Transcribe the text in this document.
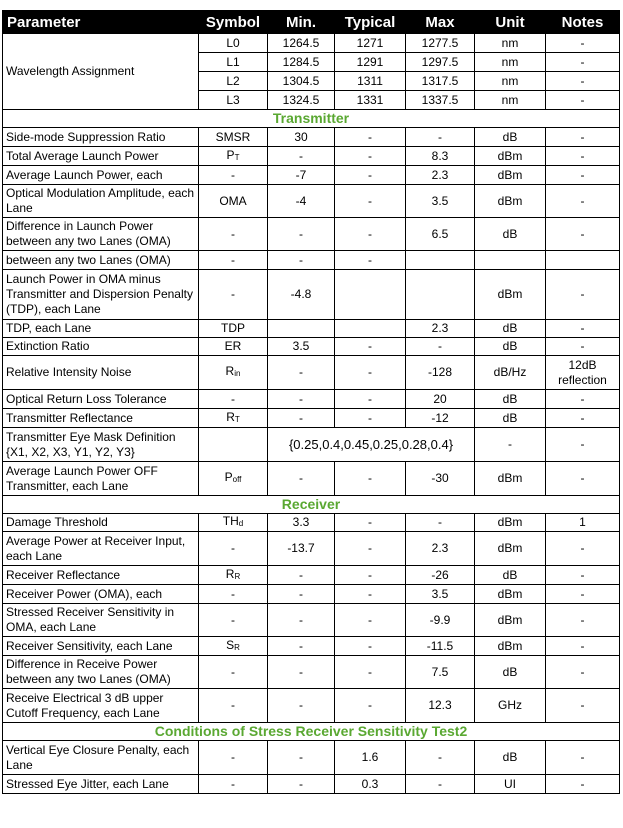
Parameter	Symbol	Min.	Typical	Max	Unit	Notes
Wavelength Assignment	L0	1264.5	1271	1277.5	nm	-
	L1	1284.5	1291	1297.5	nm	-
	L2	1304.5	1311	1317.5	nm	-
	L3	1324.5	1331	1337.5	nm	-
Transmitter						
Side-mode Suppression Ratio	SMSR	30	-	-	dB	-
Total Average Launch Power	PT	-	-	8.3	dBm	-
Average Launch Power, each	-	-7	-	2.3	dBm	-
Optical Modulation Amplitude, each Lane	OMA	-4	-	3.5	dBm	-
Difference in Launch Power between any two Lanes (OMA)	-	-	-	6.5	dB	-
between any two Lanes (OMA)	-	-	-			
Launch Power in OMA minus Transmitter and Dispersion Penalty (TDP), each Lane	-	-4.8			dBm	-
TDP, each Lane	TDP			2.3	dB	-
Extinction Ratio	ER	3.5	-	-	dB	-
Relative Intensity Noise	Rin	-	-	-128	dB/Hz	12dB reflection
Optical Return Loss Tolerance	-	-	-	20	dB	-
Transmitter Reflectance	RT	-	-	-12	dB	-
Transmitter Eye Mask Definition {X1, X2, X3, Y1, Y2, Y3}		{0.25,0.4,0.45,0.25,0.28,0.4}			-	-
Average Launch Power OFF Transmitter, each Lane	Poff	-	-	-30	dBm	-
Receiver						
Damage Threshold	THd	3.3	-	-	dBm	1
Average Power at Receiver Input, each Lane	-	-13.7	-	2.3	dBm	-
Receiver Reflectance	RR	-	-	-26	dB	-
Receiver Power (OMA), each	-	-	-	3.5	dBm	-
Stressed Receiver Sensitivity in OMA, each Lane	-	-	-	-9.9	dBm	-
Receiver Sensitivity, each Lane	SR	-	-	-11.5	dBm	-
Difference in Receive Power between any two Lanes (OMA)	-	-	-	7.5	dB	-
Receive Electrical 3 dB upper Cutoff Frequency, each Lane	-	-	-	12.3	GHz	-
Conditions of Stress Receiver Sensitivity Test2						
Vertical Eye Closure Penalty, each Lane	-	-	1.6	-	dB	-
Stressed Eye Jitter, each Lane	-	-	0.3	-	UI	-
